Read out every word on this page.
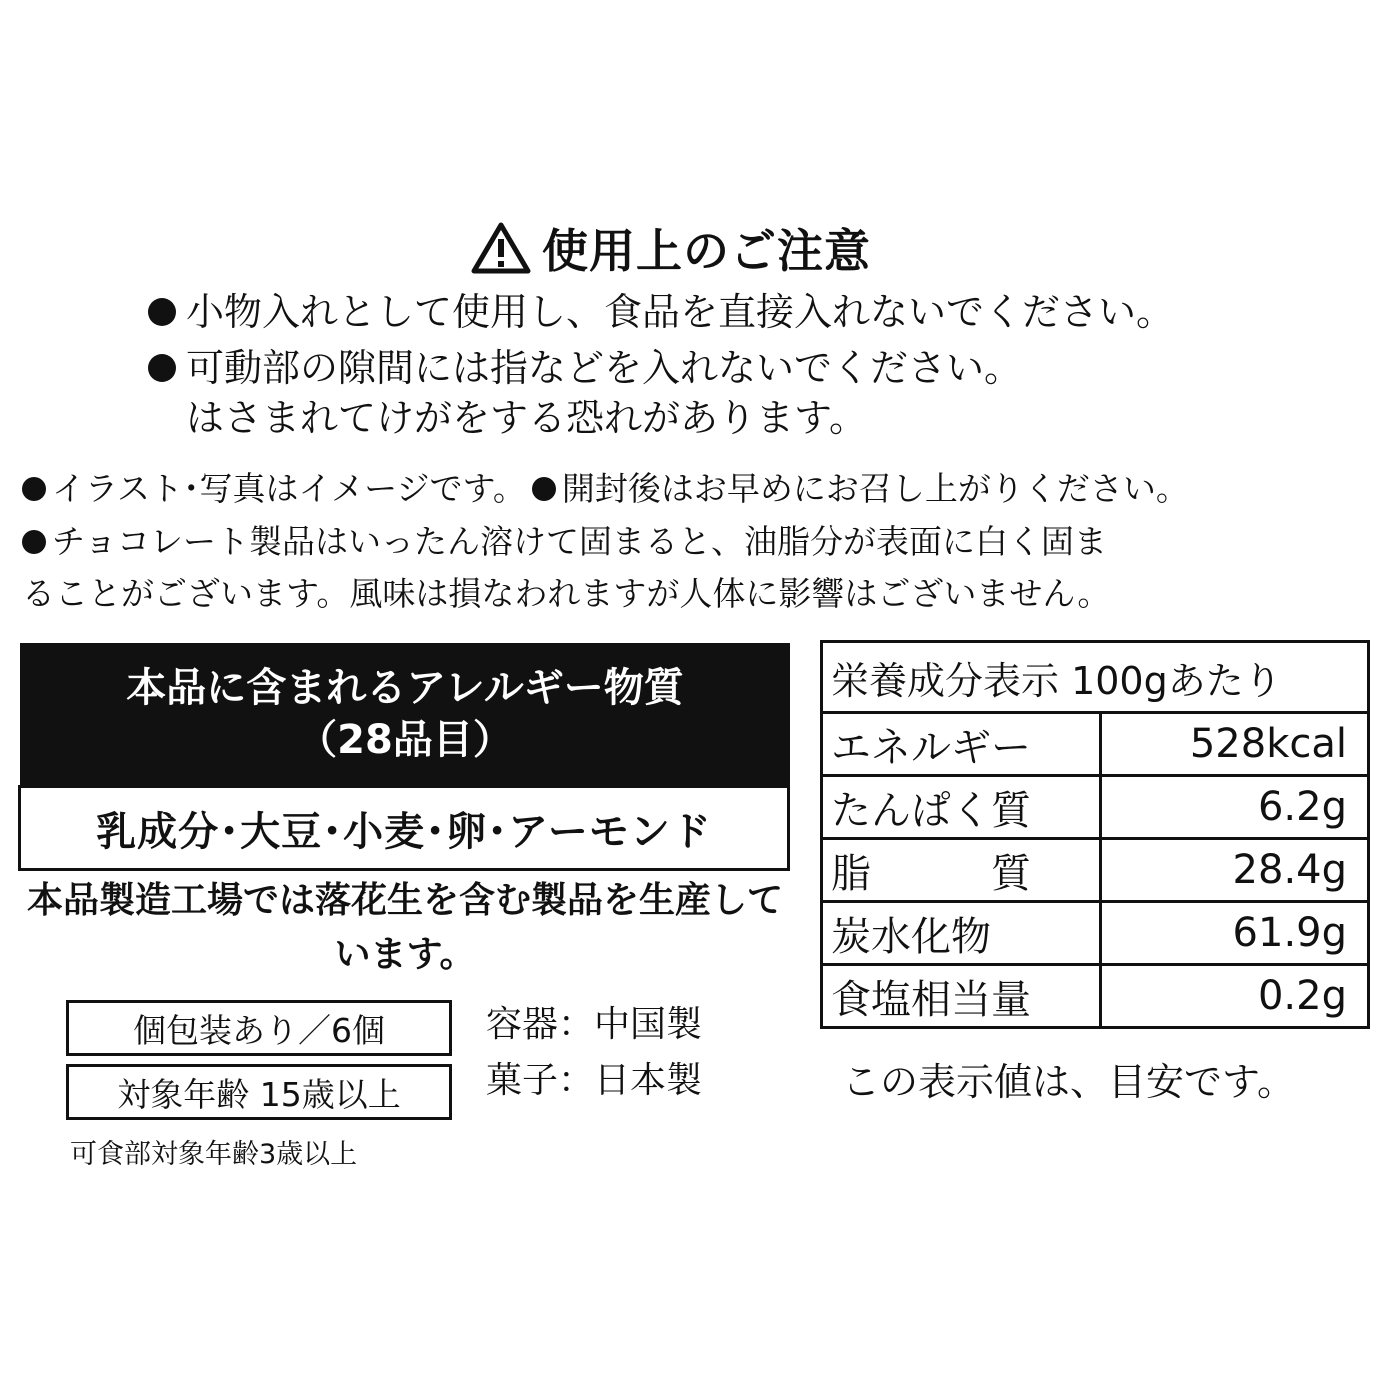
使用上のご注意
小物入れとして使用し、食品を直接入れないでください。
可動部の隙間には指などを入れないでください。
はさまれてけがをする恐れがあります。
イラスト･写真はイメージです。 開封後はお早めにお召し上がりください。
チョコレート製品はいったん溶けて固まると、油脂分が表面に白く固ま
ることがございます。風味は損なわれますが人体に影響はございません。
本品に含まれるアレルギー物質
（28品目）
乳成分･大豆･小麦･卵･アーモンド
本品製造工場では落花生を含む製品を生産しています。
個包装あり／6個
対象年齢 15歳以上
可食部対象年齢3歳以上
容器：中国製
菓子：日本製
栄養成分表示 100gあたり	
エネルギー	528kcal
たんぱく質	6.2g
脂　　　質	28.4g
炭水化物	61.9g
食塩相当量	0.2g
この表示値は、目安です。
